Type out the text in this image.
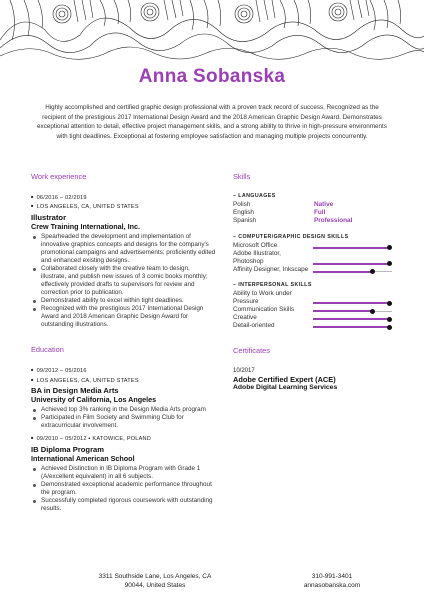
Anna Sobanska
Highly accomplished and certified graphic design professional with a proven track record of success. Recognized as the recipient of the prestigious 2017 International Design Award and the 2018 American Graphic Design Award. Demonstrates exceptional attention to detail, effective project management skills, and a strong ability to thrive in high-pressure environments with tight deadlines. Exceptional at fostering employee satisfaction and managing multiple projects concurrently.
Work experience
■ 06/2016 – 02/2019
■ LOS ANGELES, CA, UNITED STATES
Illustrator
Crew Training International, Inc.
Spearheaded the development and implementation of innovative graphics concepts and designs for the company's promotional campaigns and advertisements; proficiently edited and enhanced existing designs.
Collaborated closely with the creative team to design, illustrate, and publish new issues of 3 comic books monthly; effectively provided drafts to supervisors for review and correction prior to publication.
Demonstrated ability to excel within tight deadlines.
Recognized with the prestigious 2017 International Design Award and 2018 American Graphic Design Award for outstanding illustrations.
Education
■ 09/2012 – 05/2016
■ LOS ANGELES, CA, UNITED STATES
BA in Design Media Arts
University of California, Los Angeles
Achieved top 3% ranking in the Design Media Arts program
Participated in Film Society and Swimming Club for extracurricular involvement.
■ 09/2010 – 05/2012 ▪ KATOWICE, POLAND
IB Diploma Program
International American School
Achieved Distinction in IB Diploma Program with Grade 1 (A/excellent equivalent) in all 6 subjects.
Demonstrated exceptional academic performance throughout the program.
Successfully completed rigorous coursework with outstanding results.
Skills
– LANGUAGES
Polish	Native
English	Full
Spanish	Professional
– COMPUTER/GRAPHIC DESIGN SKILLS
Microsoft Office
Adobe Illustrator, Photoshop
Affinity Designer, Inkscape
– INTERPERSONAL SKILLS
Ability to Work under Pressure
Communication Skills
Creative
Detail-oriented
Certificates
10/2017
Adobe Certified Expert (ACE)
Adobe Digital Learning Services
3311 Southside Lane, Los Angeles, CA
90044, United States
310-991-3401
annasobanska.com
